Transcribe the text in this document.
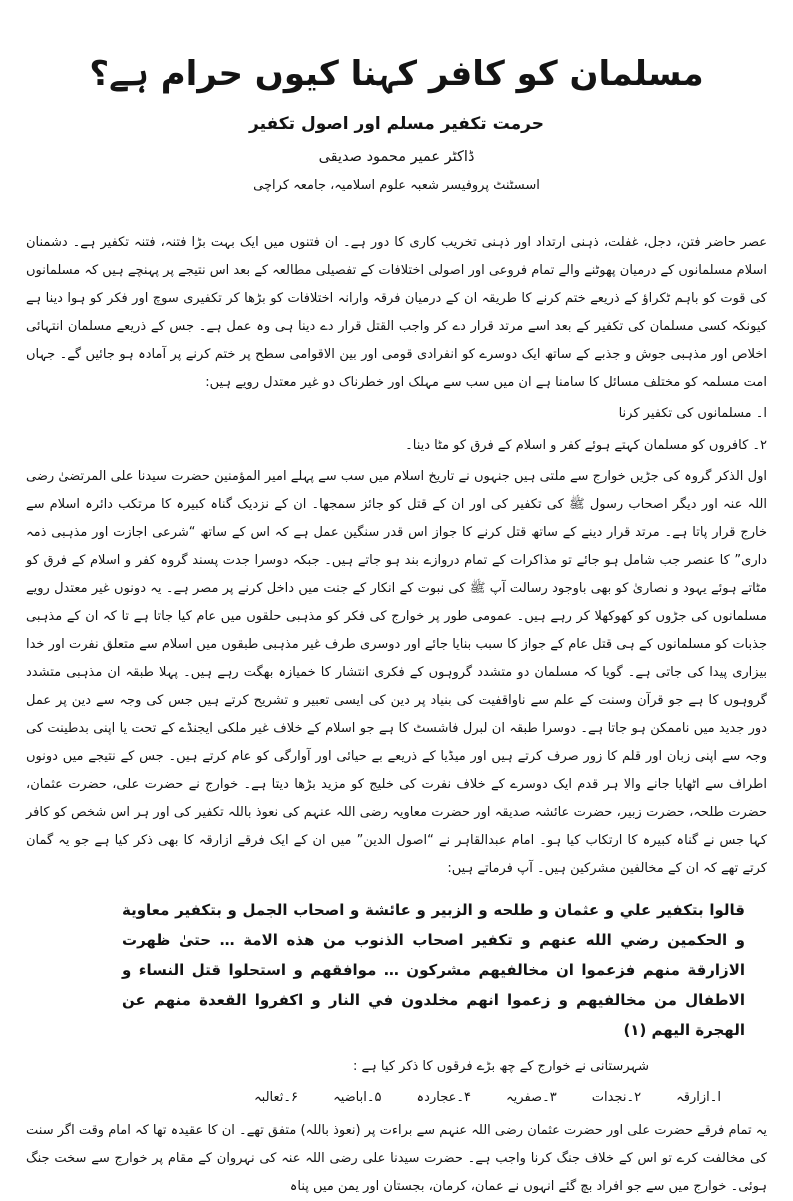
مسلمان کو کافر کہنا کیوں حرام ہے؟
حرمت تکفیر مسلم اور اصول تکفیر
ڈاکٹر عمیر محمود صدیقی
اسسٹنٹ پروفیسر شعبہ علوم اسلامیہ، جامعہ کراچی

عصر حاضر فتن، دجل، غفلت، ذہنی ارتداد اور ذہنی تخریب کاری کا دور ہے۔ ان فتنوں میں ایک بہت بڑا فتنہ، فتنہ تکفیر ہے۔ دشمنان اسلام مسلمانوں کے درمیان پھوٹنے والے تمام فروعی اور اصولی اختلافات کے تفصیلی مطالعہ کے بعد اس نتیجے پر پہنچے ہیں کہ مسلمانوں کی قوت کو باہم ٹکراؤ کے ذریعے ختم کرنے کا طریقہ ان کے درمیان فرقہ وارانہ اختلافات کو بڑھا کر تکفیری سوچ اور فکر کو ہوا دینا ہے کیونکہ کسی مسلمان کی تکفیر کے بعد اسے مرتد قرار دے کر واجب القتل قرار دے دینا ہی وہ عمل ہے۔ جس کے ذریعے مسلمان انتہائی اخلاص اور مذہبی جوش و جذبے کے ساتھ ایک دوسرے کو انفرادی قومی اور بین الاقوامی سطح پر ختم کرنے پر آمادہ ہو جائیں گے۔ جہاں امت مسلمہ کو مختلف مسائل کا سامنا ہے ان میں سب سے مہلک اور خطرناک دو غیر معتدل رویے ہیں:

ا۔ مسلمانوں کی تکفیر کرنا

۲۔ کافروں کو مسلمان کہتے ہوئے کفر و اسلام کے فرق کو مٹا دینا۔

اول الذکر گروہ کی جڑیں خوارج سے ملتی ہیں جنہوں نے تاریخ اسلام میں سب سے پہلے امیر المؤمنین حضرت سیدنا علی المرتضیٰ رضی اللہ عنہ اور دیگر اصحاب رسول ﷺ کی تکفیر کی اور ان کے قتل کو جائز سمجھا۔ ان کے نزدیک گناہ کبیرہ کا مرتکب دائرہ اسلام سے خارج قرار پاتا ہے۔ مرتد قرار دینے کے ساتھ قتل کرنے کا جواز اس قدر سنگین عمل ہے کہ اس کے ساتھ “شرعی اجازت اور مذہبی ذمہ داری” کا عنصر جب شامل ہو جائے تو مذاکرات کے تمام دروازے بند ہو جاتے ہیں۔ جبکہ دوسرا جدت پسند گروہ کفر و اسلام کے فرق کو مٹاتے ہوئے یہود و نصاریٰ کو بھی باوجود رسالت آپ ﷺ کی نبوت کے انکار کے جنت میں داخل کرنے پر مصر ہے۔ یہ دونوں غیر معتدل رویے مسلمانوں کی جڑوں کو کھوکھلا کر رہے ہیں۔ عمومی طور پر خوارج کی فکر کو مذہبی حلقوں میں عام کیا جاتا ہے تا کہ ان کے مذہبی جذبات کو مسلمانوں کے ہی قتل عام کے جواز کا سبب بنایا جائے اور دوسری طرف غیر مذہبی طبقوں میں اسلام سے متعلق نفرت اور خدا بیزاری پیدا کی جاتی ہے۔ گویا کہ مسلمان دو متشدد گروہوں کے فکری انتشار کا خمیازہ بھگت رہے ہیں۔ پہلا طبقہ ان مذہبی متشدد گروہوں کا ہے جو قرآن وسنت کے علم سے ناواقفیت کی بنیاد پر دین کی ایسی تعبیر و تشریح کرتے ہیں جس کی وجہ سے دین پر عمل دور جدید میں ناممکن ہو جاتا ہے۔ دوسرا طبقہ ان لبرل فاشسٹ کا ہے جو اسلام کے خلاف غیر ملکی ایجنڈے کے تحت یا اپنی بدطینت کی وجہ سے اپنی زبان اور قلم کا زور صرف کرتے ہیں اور میڈیا کے ذریعے بے حیائی اور آوارگی کو عام کرتے ہیں۔ جس کے نتیجے میں دونوں اطراف سے اٹھایا جانے والا ہر قدم ایک دوسرے کے خلاف نفرت کی خلیج کو مزید بڑھا دیتا ہے۔ خوارج نے حضرت علی، حضرت عثمان، حضرت طلحہ، حضرت زبیر، حضرت عائشہ صدیقہ اور حضرت معاویہ رضی اللہ عنہم کی نعوذ باللہ تکفیر کی اور ہر اس شخص کو کافر کہا جس نے گناہ کبیرہ کا ارتکاب کیا ہو۔ امام عبدالقاہر نے “اصول الدین” میں ان کے ایک فرقے ازارقہ کا بھی ذکر کیا ہے جو یہ گمان کرتے تھے کہ ان کے مخالفین مشرکین ہیں۔ آپ فرماتے ہیں:

قالوا بتكفير علي و عثمان و طلحه و الزبير و عائشة و اصحاب الجمل و بتكفير معاوية و الحكمين رضي الله عنهم و تكفير اصحاب الذنوب من هذه الامة … حتىٰ ظهرت الازارقة منهم فزعموا ان مخالفيهم مشركون … موافقهم و استحلوا قتل النساء و الاطفال من مخالفيهم و زعموا انهم مخلدون في النار و اكفروا القعدة منهم عن الهجرة اليهم (۱)

شہرستانی نے خوارج کے چھ بڑے فرقوں کا ذکر کیا ہے :

ا۔ازارقہ
۲۔نجدات
۳۔صفریہ
۴۔عجاردہ
۵۔اباضیہ
۶۔ثعالبہ

یہ تمام فرقے حضرت علی اور حضرت عثمان رضی اللہ عنہم سے براءت پر (نعوذ باللہ) متفق تھے۔ ان کا عقیدہ تھا کہ امام وقت اگر سنت کی مخالفت کرے تو اس کے خلاف جنگ کرنا واجب ہے۔ حضرت سیدنا علی رضی اللہ عنہ کی نہروان کے مقام پر خوارج سے سخت جنگ ہوئی۔ خوارج میں سے جو افراد بچ گئے انہوں نے عمان، کرمان، بجستان اور یمن میں پناہ
